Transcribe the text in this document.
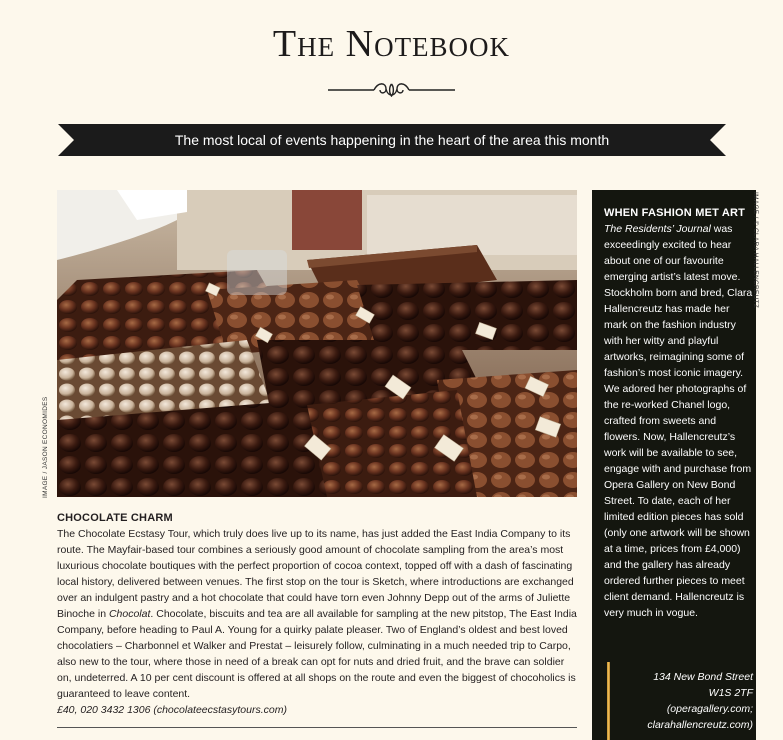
The Notebook
The most local of events happening in the heart of the area this month
IMAGE / JASON ECONOMIDES
CHOCOLATE CHARM

The Chocolate Ecstasy Tour, which truly does live up to its name, has just added the East India Company to its route. The Mayfair-based tour combines a seriously good amount of chocolate sampling from the area’s most luxurious chocolate boutiques with the perfect proportion of cocoa context, topped off with a dash of fascinating local history, delivered between venues. The first stop on the tour is Sketch, where introductions are exchanged over an indulgent pastry and a hot chocolate that could have torn even Johnny Depp out of the arms of Juliette Binoche in Chocolat. Chocolate, biscuits and tea are all available for sampling at the new pitstop, The East India Company, before heading to Paul A. Young for a quirky palate pleaser. Two of England’s oldest and best loved chocolatiers – Charbonnel et Walker and Prestat – leisurely follow, culminating in a much needed trip to Carpo, also new to the tour, where those in need of a break can opt for nuts and dried fruit, and the brave can soldier on, undeterred. A 10 per cent discount is offered at all shops on the route and even the biggest of chocoholics is guaranteed to leave content.

£40, 020 3432 1306 (chocolateecstasytours.com)

IMAGE / © CLARA HALLENCREUTZ
WHEN FASHION MET ART

The Residents’ Journal was exceedingly excited to hear about one of our favourite emerging artist’s latest move. Stockholm born and bred, Clara Hallencreutz has made her mark on the fashion industry with her witty and playful artworks, reimagining some of fashion’s most iconic imagery. We adored her photographs of the re-worked Chanel logo, crafted from sweets and flowers. Now, Hallencreutz’s work will be available to see, engage with and purchase from Opera Gallery on New Bond Street. To date, each of her limited edition pieces has sold (only one artwork will be shown at a time, prices from £4,000) and the gallery has already ordered further pieces to meet client demand. Hallencreutz is very much in vogue.

134 New Bond Street
W1S 2TF
(operagallery.com;
clarahallencreutz.com)
